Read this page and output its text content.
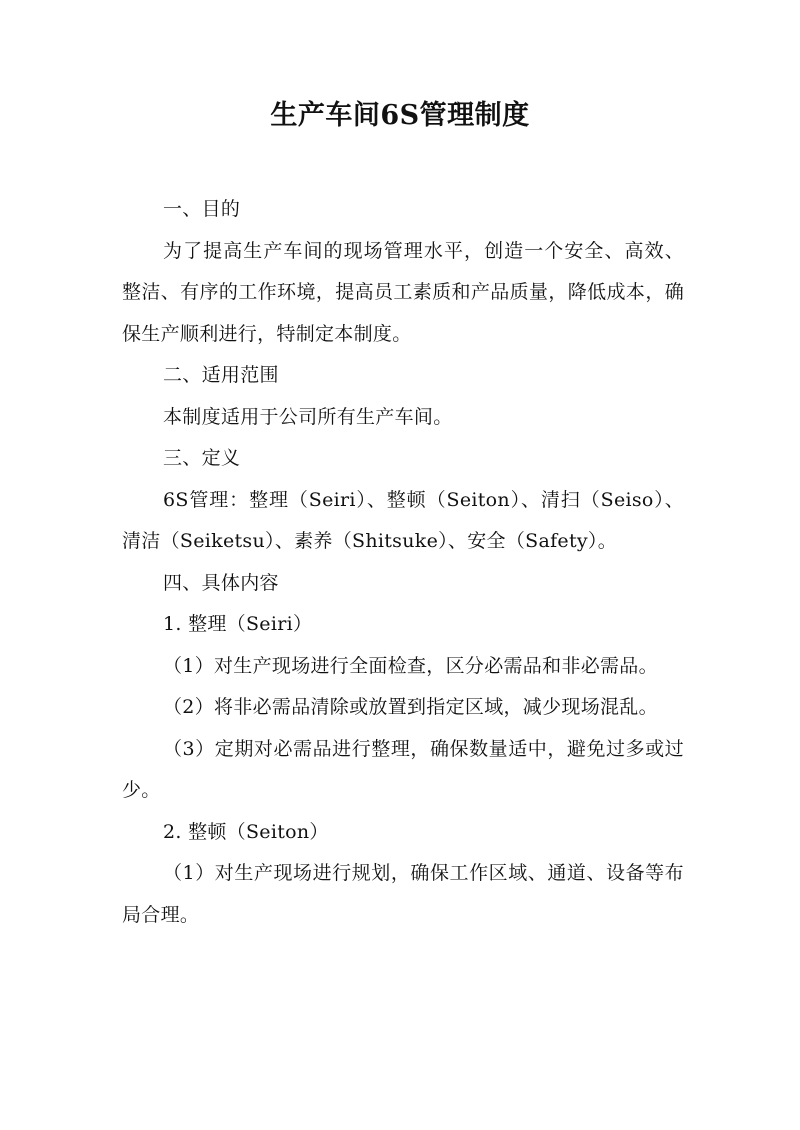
生产车间6S管理制度

一、目的

为了提高生产车间的现场管理水平，创造一个安全、高效、整洁、有序的工作环境，提高员工素质和产品质量，降低成本，确保生产顺利进行，特制定本制度。

二、适用范围

本制度适用于公司所有生产车间。

三、定义

6S管理：整理（Seiri）、整顿（Seiton）、清扫（Seiso）、清洁（Seiketsu）、素养（Shitsuke）、安全（Safety）。

四、具体内容

1. 整理（Seiri）

（1）对生产现场进行全面检查，区分必需品和非必需品。

（2）将非必需品清除或放置到指定区域，减少现场混乱。

（3）定期对必需品进行整理，确保数量适中，避免过多或过少。

2. 整顿（Seiton）

（1）对生产现场进行规划，确保工作区域、通道、设备等布局合理。
